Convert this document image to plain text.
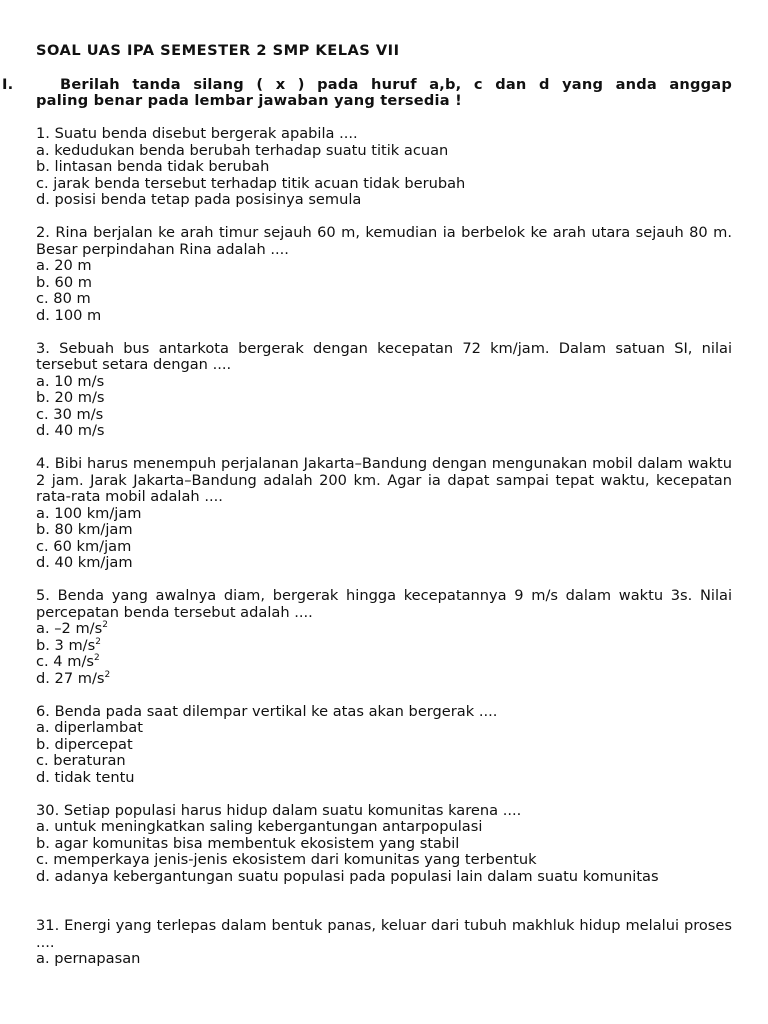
SOAL UAS IPA SEMESTER 2 SMP KELAS VII

I.	Berilah tanda silang ( x ) pada huruf a,b, c dan d yang anda anggap
paling benar pada lembar jawaban yang tersedia !
1. Suatu benda disebut bergerak apabila ....
a. kedudukan benda berubah terhadap suatu titik acuan
b. lintasan benda tidak berubah
c. jarak benda tersebut terhadap titik acuan tidak berubah
d. posisi benda tetap pada posisinya semula
2. Rina berjalan ke arah timur sejauh 60 m, kemudian ia berbelok ke arah utara sejauh 80 m. Besar perpindahan Rina adalah ....
a. 20 m
b. 60 m
c. 80 m
d. 100 m
3. Sebuah bus antarkota bergerak dengan kecepatan 72 km/jam. Dalam satuan SI, nilai tersebut setara dengan ....
a. 10 m/s
b. 20 m/s
c. 30 m/s
d. 40 m/s
4. Bibi harus menempuh perjalanan Jakarta–Bandung dengan mengunakan mobil dalam waktu 2 jam. Jarak Jakarta–Bandung adalah 200 km. Agar ia dapat sampai tepat waktu, kecepatan rata-rata mobil adalah ....
a. 100 km/jam
b. 80 km/jam
c. 60 km/jam
d. 40 km/jam
5. Benda yang awalnya diam, bergerak hingga kecepatannya 9 m/s dalam waktu 3s. Nilai percepatan benda tersebut adalah ....
a. –2 $m/s^2$
b. 3 $m/s^2$
c. 4 $m/s^2$
d. 27 $m/s^2$
6. Benda pada saat dilempar vertikal ke atas akan bergerak ....
a. diperlambat
b. dipercepat
c. beraturan
d. tidak tentu
30. Setiap populasi harus hidup dalam suatu komunitas karena ....
a. untuk meningkatkan saling kebergantungan antarpopulasi
b. agar komunitas bisa membentuk ekosistem yang stabil
c. memperkaya jenis-jenis ekosistem dari komunitas yang terbentuk
d. adanya kebergantungan suatu populasi pada populasi lain dalam suatu komunitas
31. Energi yang terlepas dalam bentuk panas, keluar dari tubuh makhluk hidup melalui proses ....
a. pernapasan
